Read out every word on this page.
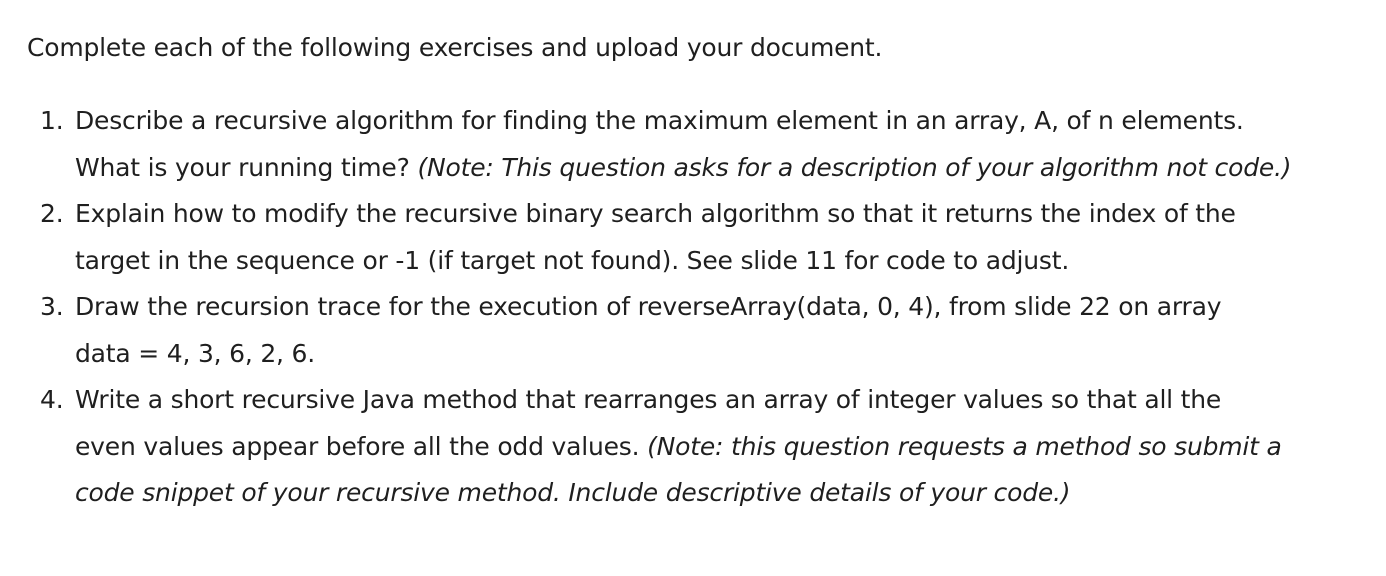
Complete each of the following exercises and upload your document.

1. Describe a recursive algorithm for finding the maximum element in an array, A, of n elements.
What is your running time? (Note: This question asks for a description of your algorithm not code.)
2. Explain how to modify the recursive binary search algorithm so that it returns the index of the
target in the sequence or -1 (if target not found). See slide 11 for code to adjust.
3. Draw the recursion trace for the execution of reverseArray(data, 0, 4), from slide 22 on array
data = 4, 3, 6, 2, 6.
4. Write a short recursive Java method that rearranges an array of integer values so that all the
even values appear before all the odd values. (Note: this question requests a method so submit a
code snippet of your recursive method. Include descriptive details of your code.)
